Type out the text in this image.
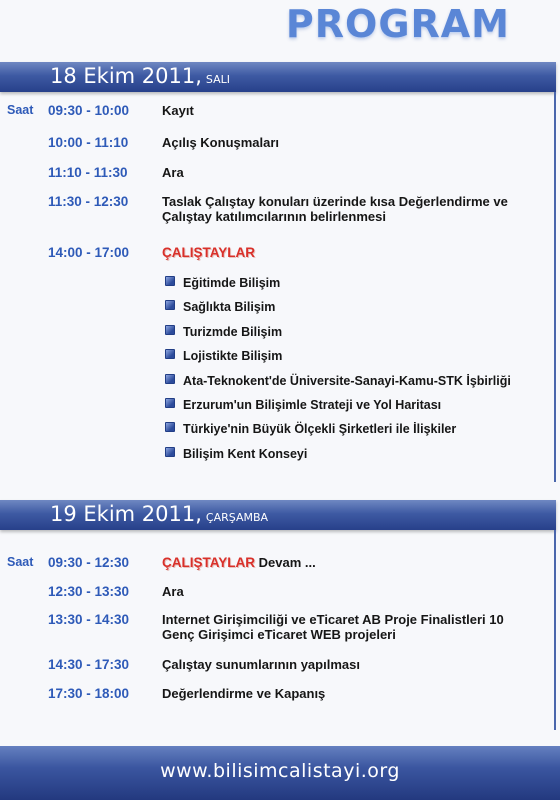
PROGRAM
18 Ekim 2011, SALI
Saat 09:30 - 10:00	Kayıt
10:00 - 11:10	Açılış Konuşmaları
11:10 - 11:30	Ara
11:30 - 12:30	Taslak Çalıştay konuları üzerinde kısa Değerlendirme ve Çalıştay katılımcılarının belirlenmesi
14:00 - 17:00 ÇALIŞTAYLAR
Eğitimde Bilişim
Sağlıkta Bilişim
Turizmde Bilişim
Lojistikte Bilişim
Ata-Teknokent'de Üniversite-Sanayi-Kamu-STK İşbirliği
Erzurum'un Bilişimle Strateji ve Yol Haritası
Türkiye'nin Büyük Ölçekli Şirketleri ile İlişkiler
Bilişim Kent Konseyi
19 Ekim 2011, ÇARŞAMBA
Saat 09:30 - 12:30 ÇALIŞTAYLAR Devam ...
12:30 - 13:30	Ara
13:30 - 14:30	Internet Girişimciliği ve eTicaret AB Proje Finalistleri 10 Genç Girişimci eTicaret WEB projeleri
14:30 - 17:30	Çalıştay sunumlarının yapılması
17:30 - 18:00	Değerlendirme ve Kapanış
www.bilisimcalistayi.org
